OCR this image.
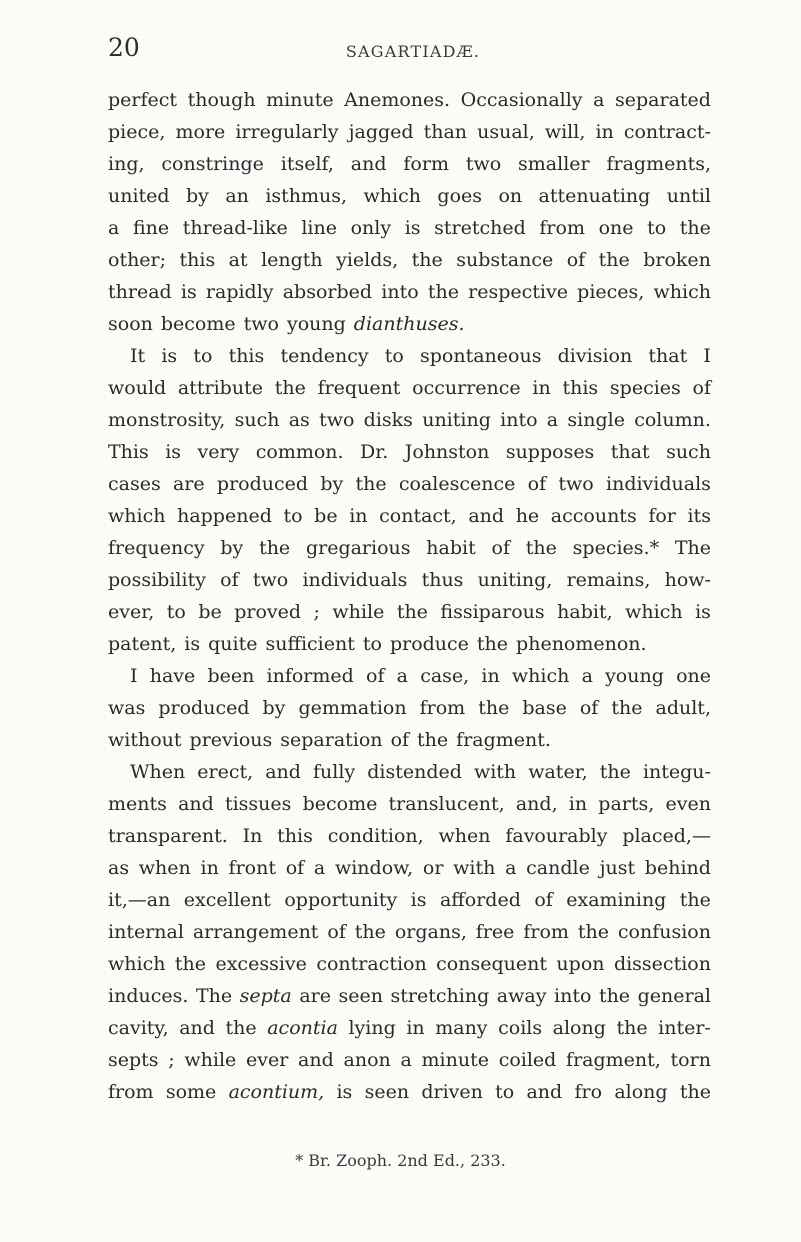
20	SAGARTIADÆ.
perfect though minute Anemones. Occasionally a separated
piece, more irregularly jagged than usual, will, in contract-
ing, constringe itself, and form two smaller fragments,
united by an isthmus, which goes on attenuating until
a fine thread-like line only is stretched from one to the
other; this at length yields, the substance of the broken
thread is rapidly absorbed into the respective pieces, which
soon become two young dianthuses.
It is to this tendency to spontaneous division that I
would attribute the frequent occurrence in this species of
monstrosity, such as two disks uniting into a single column.
This is very common. Dr. Johnston supposes that such
cases are produced by the coalescence of two individuals
which happened to be in contact, and he accounts for its
frequency by the gregarious habit of the species.* The
possibility of two individuals thus uniting, remains, how-
ever, to be proved ; while the fissiparous habit, which is
patent, is quite sufficient to produce the phenomenon.
I have been informed of a case, in which a young one
was produced by gemmation from the base of the adult,
without previous separation of the fragment.
When erect, and fully distended with water, the integu-
ments and tissues become translucent, and, in parts, even
transparent. In this condition, when favourably placed,—
as when in front of a window, or with a candle just behind
it,—an excellent opportunity is afforded of examining the
internal arrangement of the organs, free from the confusion
which the excessive contraction consequent upon dissection
induces. The septa are seen stretching away into the general
cavity, and the acontia lying in many coils along the inter-
septs ; while ever and anon a minute coiled fragment, torn
from some acontium, is seen driven to and fro along the
* Br. Zooph. 2nd Ed., 233.
